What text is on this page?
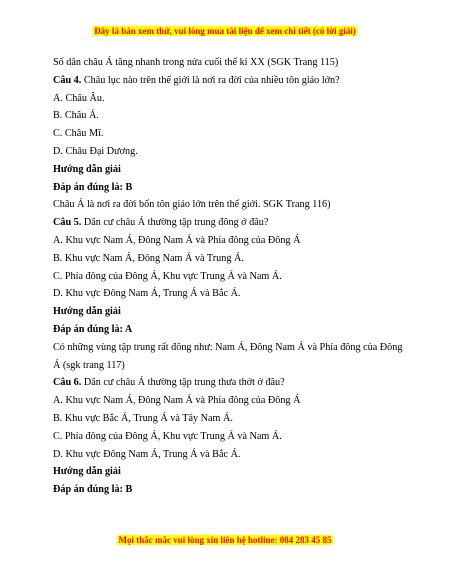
Đây là bản xem thử, vui lòng mua tài liệu để xem chi tiết (có lời giải)
Số dân châu Á tăng nhanh trong nửa cuối thế kỉ XX (SGK Trang 115)
Câu 4. Châu lục nào trên thế giới là nơi ra đời của nhiều tôn giáo lớn?
A. Châu Âu.
B. Châu Á.
C. Châu Mĩ.
D. Châu Đại Dương.
Hướng dẫn giải
Đáp án đúng là: B
Châu Á là nơi ra đời bốn tôn giáo lớn trên thế giới. SGK Trang 116)
Câu 5. Dân cư châu Á thường tập trung đông ở đâu?
A. Khu vực Nam Á, Đông Nam Á và Phía đông của Đông Á
B. Khu vực Nam Á, Đông Nam Á và Trung Á.
C. Phía đông của Đông Á, Khu vực Trung Á và Nam Á.
D. Khu vực Đông Nam Á, Trung Á và Bắc Á.
Hướng dẫn giải
Đáp án đúng là: A
Có những vùng tập trung rất đông như: Nam Á, Đông Nam Á và Phía đông của Đông Á (sgk trang 117)
Câu 6. Dân cư châu Á thường tập trung thưa thớt ở đâu?
A. Khu vực Nam Á, Đông Nam Á và Phía đông của Đông Á
B. Khu vực Bắc Á, Trung Á và Tây Nam Á.
C. Phía đông của Đông Á, Khu vực Trung Á và Nam Á.
D. Khu vực Đông Nam Á, Trung Á và Bắc Á.
Hướng dẫn giải
Đáp án đúng là: B
Mọi thắc mắc vui lòng xin liên hệ hotline: 084 283 45 85
